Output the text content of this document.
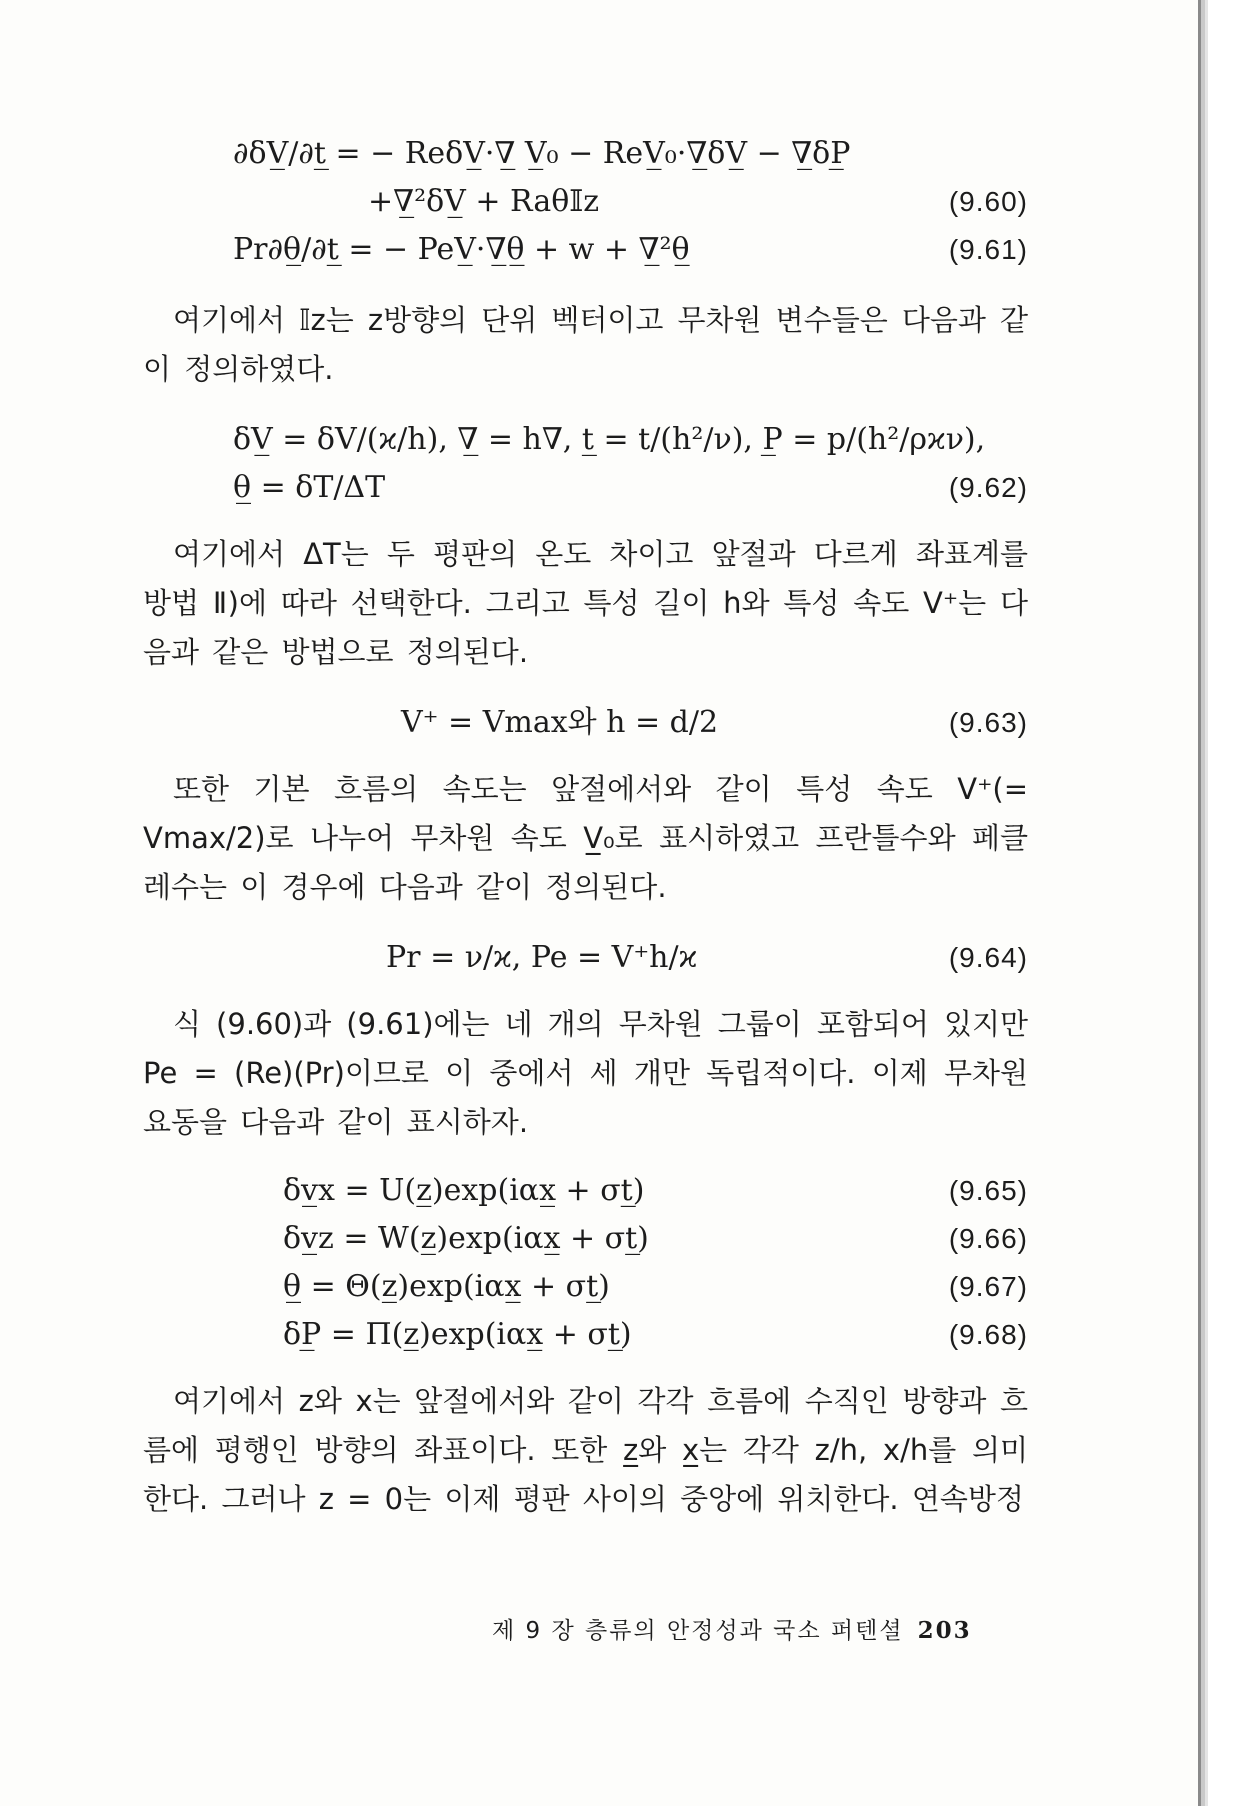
∂δV̲/∂t̲ = − ReδV̲·∇̲ V̲₀ − ReV̲₀·∇̲δV̲ − ∇̲δP̲
+∇̲²δV̲ + Raθ𝕀z	(9.60)
Pr∂θ̲/∂t̲ = − PeV̲·∇̲θ̲ + w + ∇̲²θ̲	(9.61)

여기에서 𝕀z는 z방향의 단위 벡터이고 무차원 변수들은 다음과 같이 정의하였다.

δV̲ = δV/(ϰ/h), ∇̲ = h∇, t̲ = t/(h²/ν), P̲ = p/(h²/ρϰν),
θ̲ = δT/ΔT	(9.62)

여기에서 ΔT는 두 평판의 온도 차이고 앞절과 다르게 좌표계를 방법 Ⅱ)에 따라 선택한다. 그리고 특성 길이 h와 특성 속도 V⁺는 다음과 같은 방법으로 정의된다.

V⁺ = Vmax와 h = d/2	(9.63)

또한 기본 흐름의 속도는 앞절에서와 같이 특성 속도 V⁺(= Vmax/2)로 나누어 무차원 속도 V̲₀로 표시하였고 프란틀수와 페클레수는 이 경우에 다음과 같이 정의된다.

Pr = ν/ϰ, Pe = V⁺h/ϰ	(9.64)

식 (9.60)과 (9.61)에는 네 개의 무차원 그룹이 포함되어 있지만 Pe = (Re)(Pr)이므로 이 중에서 세 개만 독립적이다. 이제 무차원 요동을 다음과 같이 표시하자.

δv̲x = U(z̲)exp(iαx̲ + σt̲)	(9.65)
δv̲z = W(z̲)exp(iαx̲ + σt̲)	(9.66)
θ̲ = Θ(z̲)exp(iαx̲ + σt̲)	(9.67)
δP̲ = Π(z̲)exp(iαx̲ + σt̲)	(9.68)

여기에서 z와 x는 앞절에서와 같이 각각 흐름에 수직인 방향과 흐름에 평행인 방향의 좌표이다. 또한 z̲와 x̲는 각각 z/h, x/h를 의미한다. 그러나 z = 0는 이제 평판 사이의 중앙에 위치한다. 연속방정

제 9 장 층류의 안정성과 국소 퍼텐셜 203
